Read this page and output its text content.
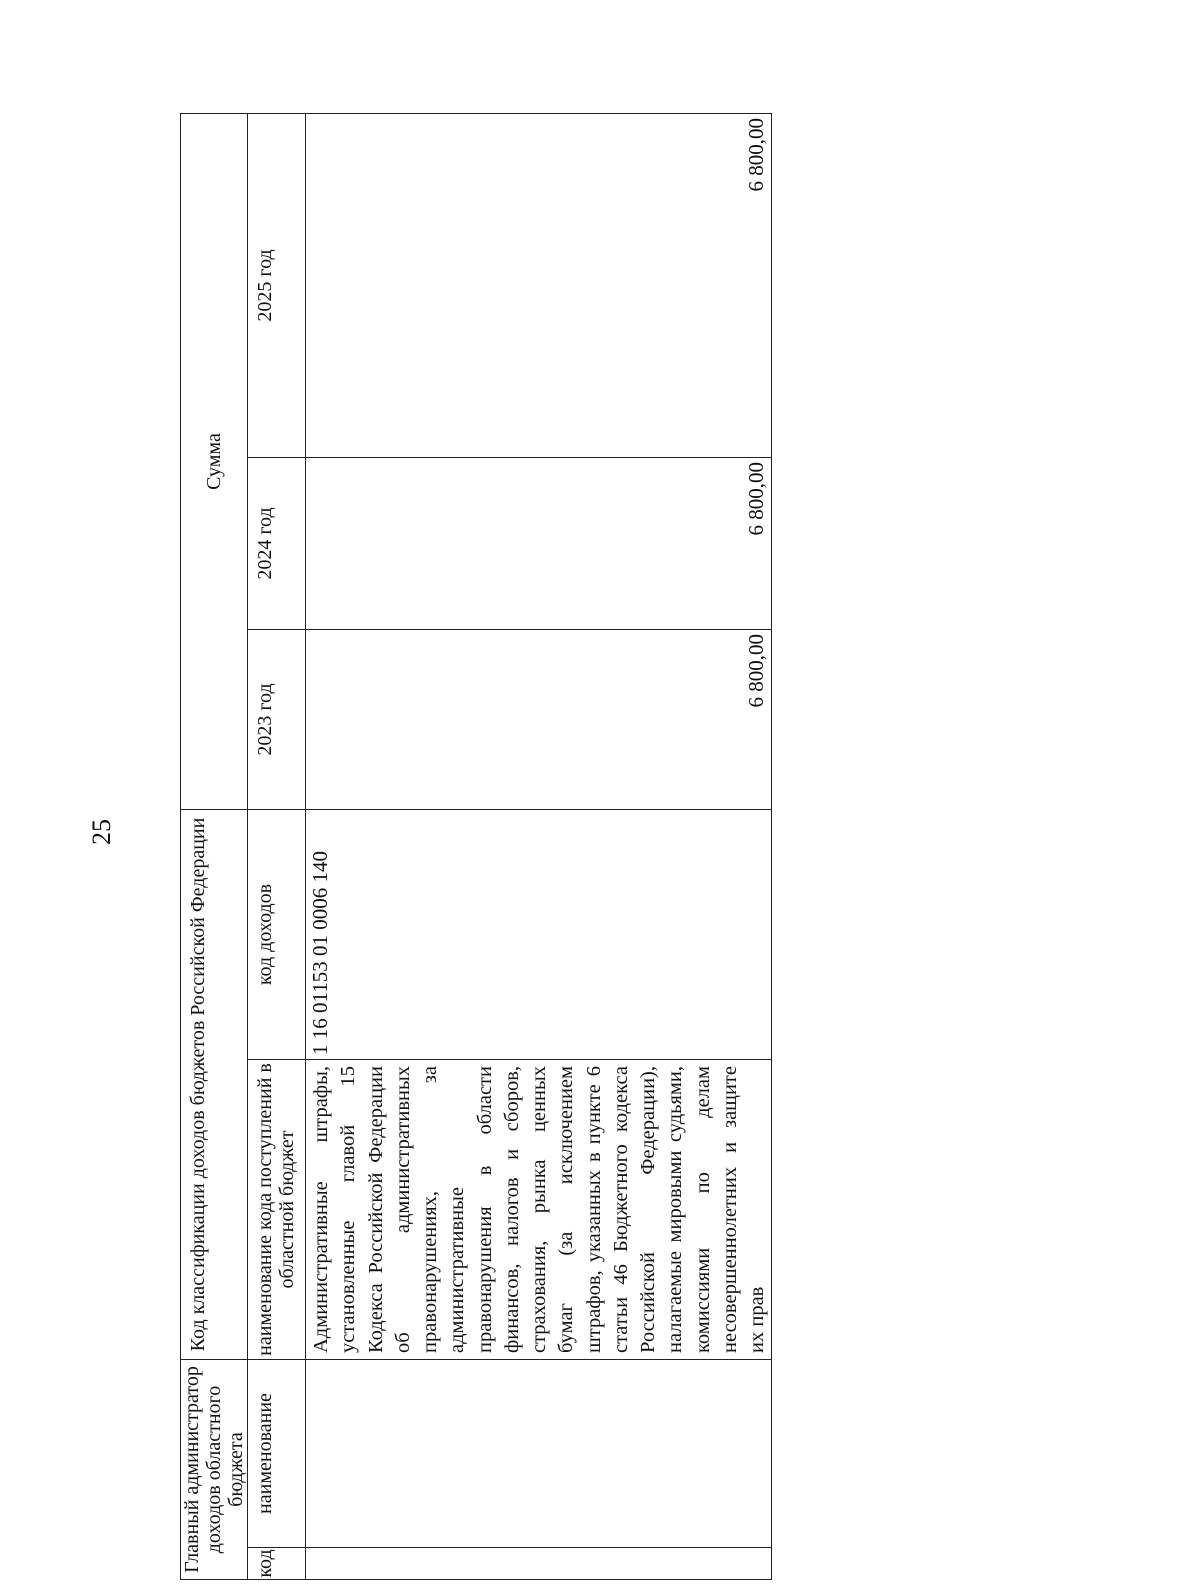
25
Главный администратор доходов областного бюджета		Код классификации доходов бюджетов Российской Федерации		Сумма		
код	наименование	наименование кода поступлений в областной бюджет	код доходов	2023 год	2024 год	2025 год
		Административные штрафы, установленные главой 15 Кодекса Российской Федерации об административных правонарушениях, за административные правонарушения в области финансов, налогов и сборов, страхования, рынка ценных бумаг (за исключением штрафов, указанных в пункте 6 статьи 46 Бюджетного кодекса Российской Федерации), налагаемые мировыми судьями, комиссиями по делам несовершеннолетних и защите их прав	1 16 01153 01 0006 140	6 800,00	6 800,00	6 800,00
